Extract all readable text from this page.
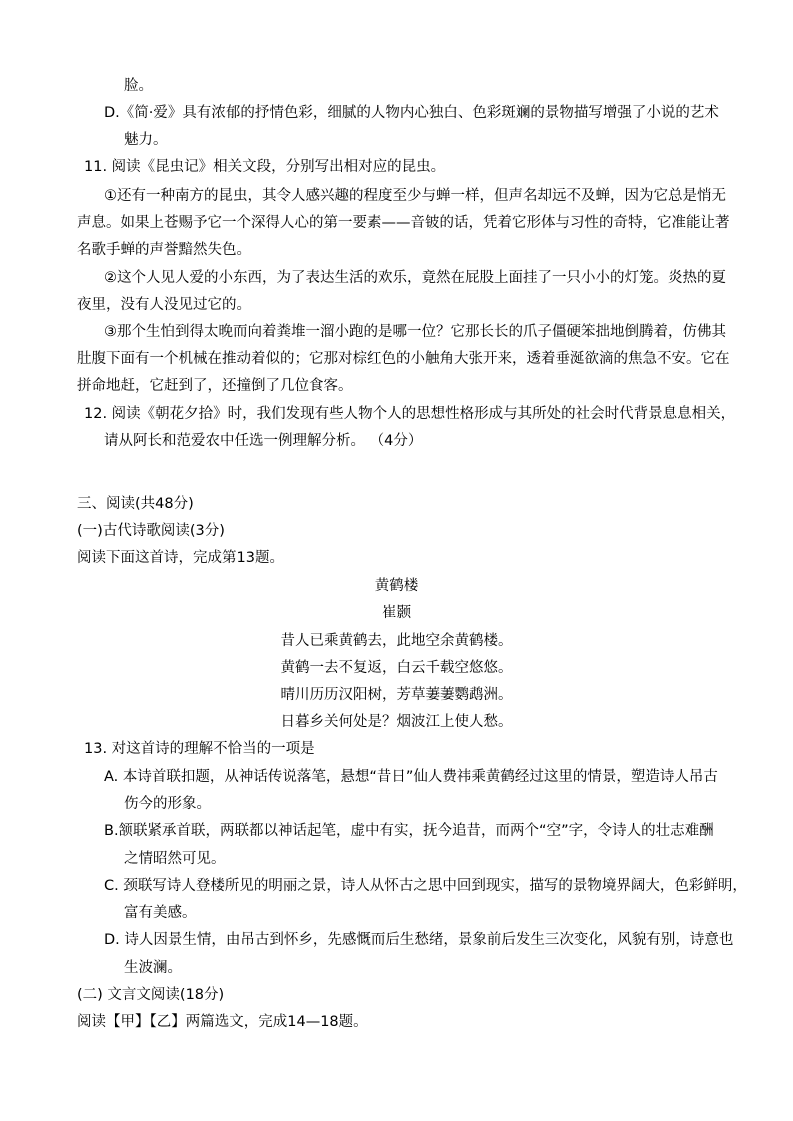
脸。
D.《简·爱》具有浓郁的抒情色彩，细腻的人物内心独白、色彩斑斓的景物描写增强了小说的艺术
魅力。
11. 阅读《昆虫记》相关文段，分别写出相对应的昆虫。
①还有一种南方的昆虫，其令人感兴趣的程度至少与蝉一样，但声名却远不及蝉，因为它总是悄无
声息。如果上苍赐予它一个深得人心的第一要素——音铍的话，凭着它形体与习性的奇特，它准能让著
名歌手蝉的声誉黯然失色。
②这个人见人爱的小东西，为了表达生活的欢乐，竟然在屁股上面挂了一只小小的灯笼。炎热的夏
夜里，没有人没见过它的。
③那个生怕到得太晚而向着粪堆一溜小跑的是哪一位？它那长长的爪子僵硬笨拙地倒腾着，仿佛其
肚腹下面有一个机械在推动着似的；它那对棕红色的小触角大张开来，透着垂涎欲滴的焦急不安。它在
拼命地赶，它赶到了，还撞倒了几位食客。
12. 阅读《朝花夕拾》时，我们发现有些人物个人的思想性格形成与其所处的社会时代背景息息相关，
请从阿长和范爱农中任选一例理解分析。 （4分）
三、阅读(共48分)
(一)古代诗歌阅读(3分)
阅读下面这首诗，完成第13题。
黄鹤楼
崔颢
昔人已乘黄鹤去，此地空余黄鹤楼。
黄鹤一去不复返，白云千载空悠悠。
晴川历历汉阳树，芳草萋萋鹦鹉洲。
日暮乡关何处是？烟波江上使人愁。
13. 对这首诗的理解不恰当的一项是
A. 本诗首联扣题，从神话传说落笔，悬想“昔日”仙人费祎乘黄鹤经过这里的情景，塑造诗人吊古
伤今的形象。
B.颔联紧承首联，两联都以神话起笔，虚中有实，抚今追昔，而两个“空”字，令诗人的壮志难酬
之情昭然可见。
C. 颈联写诗人登楼所见的明丽之景，诗人从怀古之思中回到现实，描写的景物境界阔大，色彩鲜明，
富有美感。
D. 诗人因景生情，由吊古到怀乡，先感慨而后生愁绪，景象前后发生三次变化，风貌有别，诗意也
生波澜。
(二) 文言文阅读(18分)
阅读【甲】【乙】两篇选文，完成14—18题。
